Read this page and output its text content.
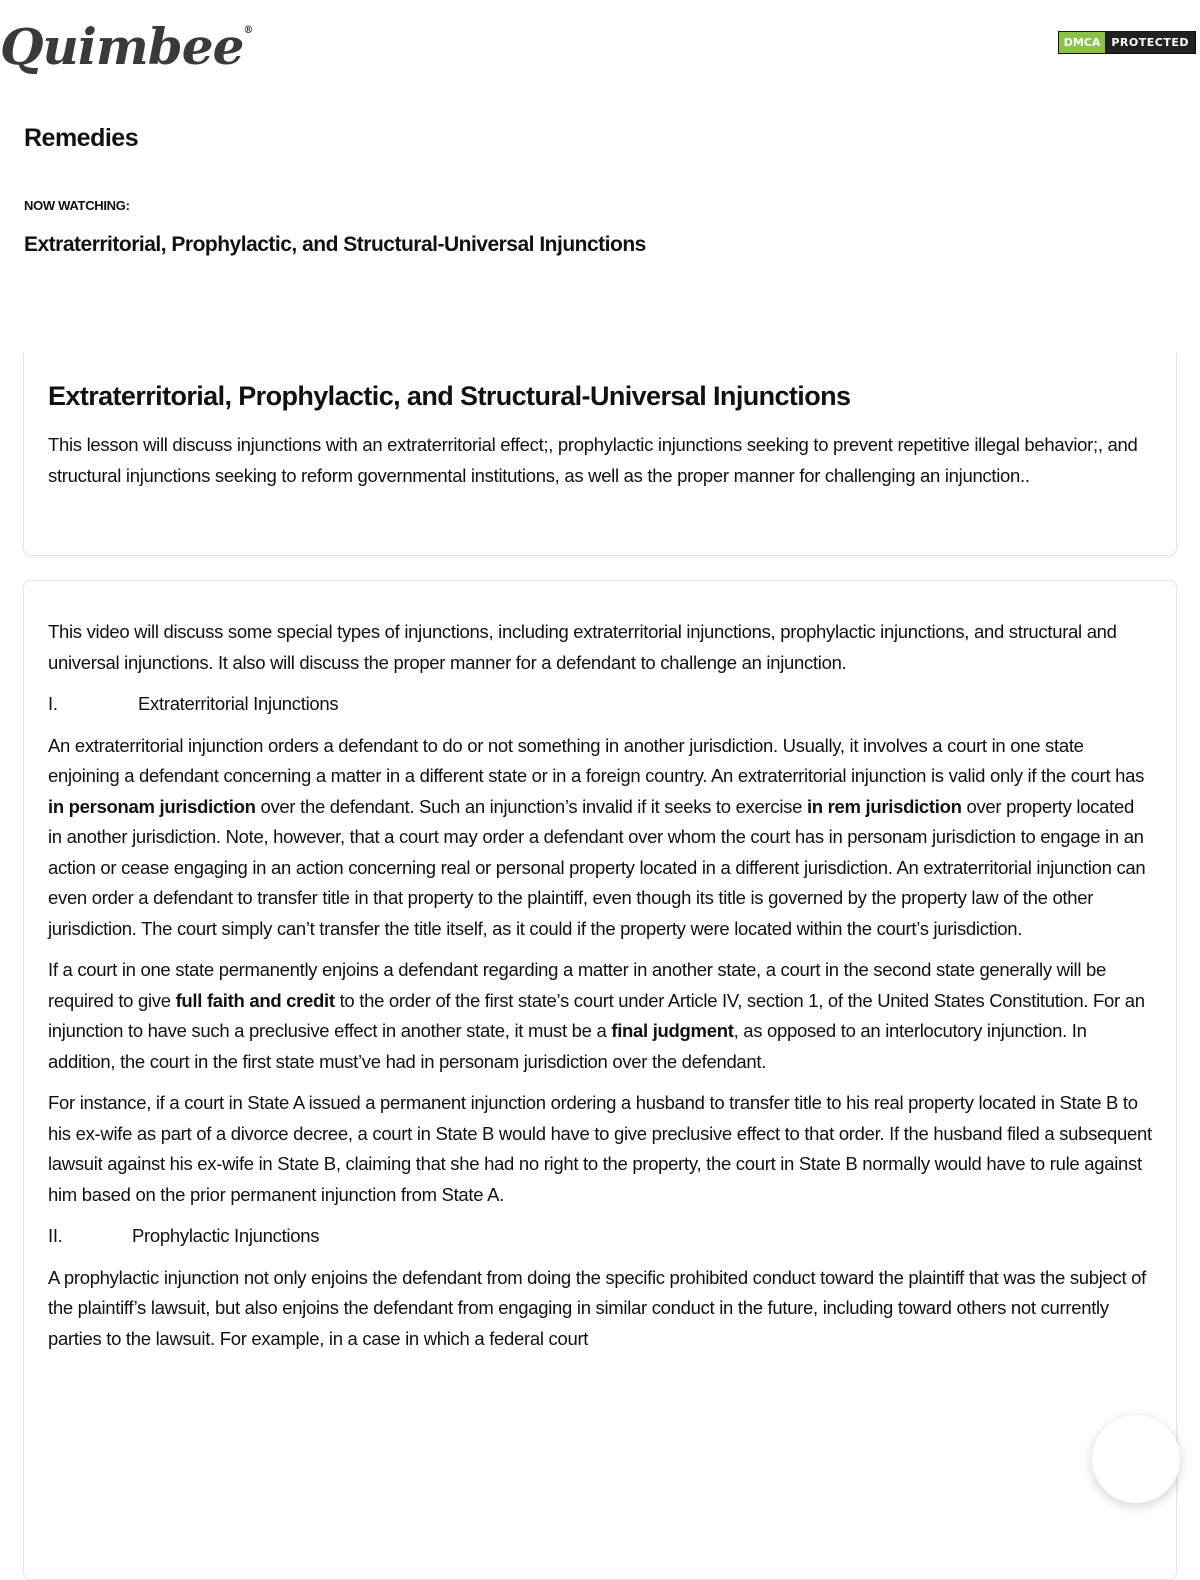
Quimbee®
DMCA	PROTECTED
Remedies
NOW WATCHING:
Extraterritorial, Prophylactic, and Structural-Universal Injunctions
Extraterritorial, Prophylactic, and Structural-Universal Injunctions

This lesson will discuss injunctions with an extraterritorial effect;, prophylactic injunctions seeking to prevent repetitive illegal behavior;, and structural injunctions seeking to reform governmental institutions, as well as the proper manner for challenging an injunction..

This video will discuss some special types of injunctions, including extraterritorial injunctions, prophylactic injunctions, and structural and universal injunctions. It also will discuss the proper manner for a defendant to challenge an injunction.

I.	Extraterritorial Injunctions

An extraterritorial injunction orders a defendant to do or not something in another jurisdiction. Usually, it involves a court in one state enjoining a defendant concerning a matter in a different state or in a foreign country. An extraterritorial injunction is valid only if the court has in personam jurisdiction over the defendant. Such an injunction’s invalid if it seeks to exercise in rem jurisdiction over property located in another jurisdiction. Note, however, that a court may order a defendant over whom the court has in personam jurisdiction to engage in an action or cease engaging in an action concerning real or personal property located in a different jurisdiction. An extraterritorial injunction can even order a defendant to transfer title in that property to the plaintiff, even though its title is governed by the property law of the other jurisdiction. The court simply can’t transfer the title itself, as it could if the property were located within the court’s jurisdiction.

If a court in one state permanently enjoins a defendant regarding a matter in another state, a court in the second state generally will be required to give full faith and credit to the order of the first state’s court under Article IV, section 1, of the United States Constitution. For an injunction to have such a preclusive effect in another state, it must be a final judgment, as opposed to an interlocutory injunction. In addition, the court in the first state must’ve had in personam jurisdiction over the defendant.

For instance, if a court in State A issued a permanent injunction ordering a husband to transfer title to his real property located in State B to his ex-wife as part of a divorce decree, a court in State B would have to give preclusive effect to that order. If the husband filed a subsequent lawsuit against his ex-wife in State B, claiming that she had no right to the property, the court in State B normally would have to rule against him based on the prior permanent injunction from State A.

II.	Prophylactic Injunctions

A prophylactic injunction not only enjoins the defendant from doing the specific prohibited conduct toward the plaintiff that was the subject of the plaintiff’s lawsuit, but also enjoins the defendant from engaging in similar conduct in the future, including toward others not currently parties to the lawsuit. For example, in a case in which a federal court
